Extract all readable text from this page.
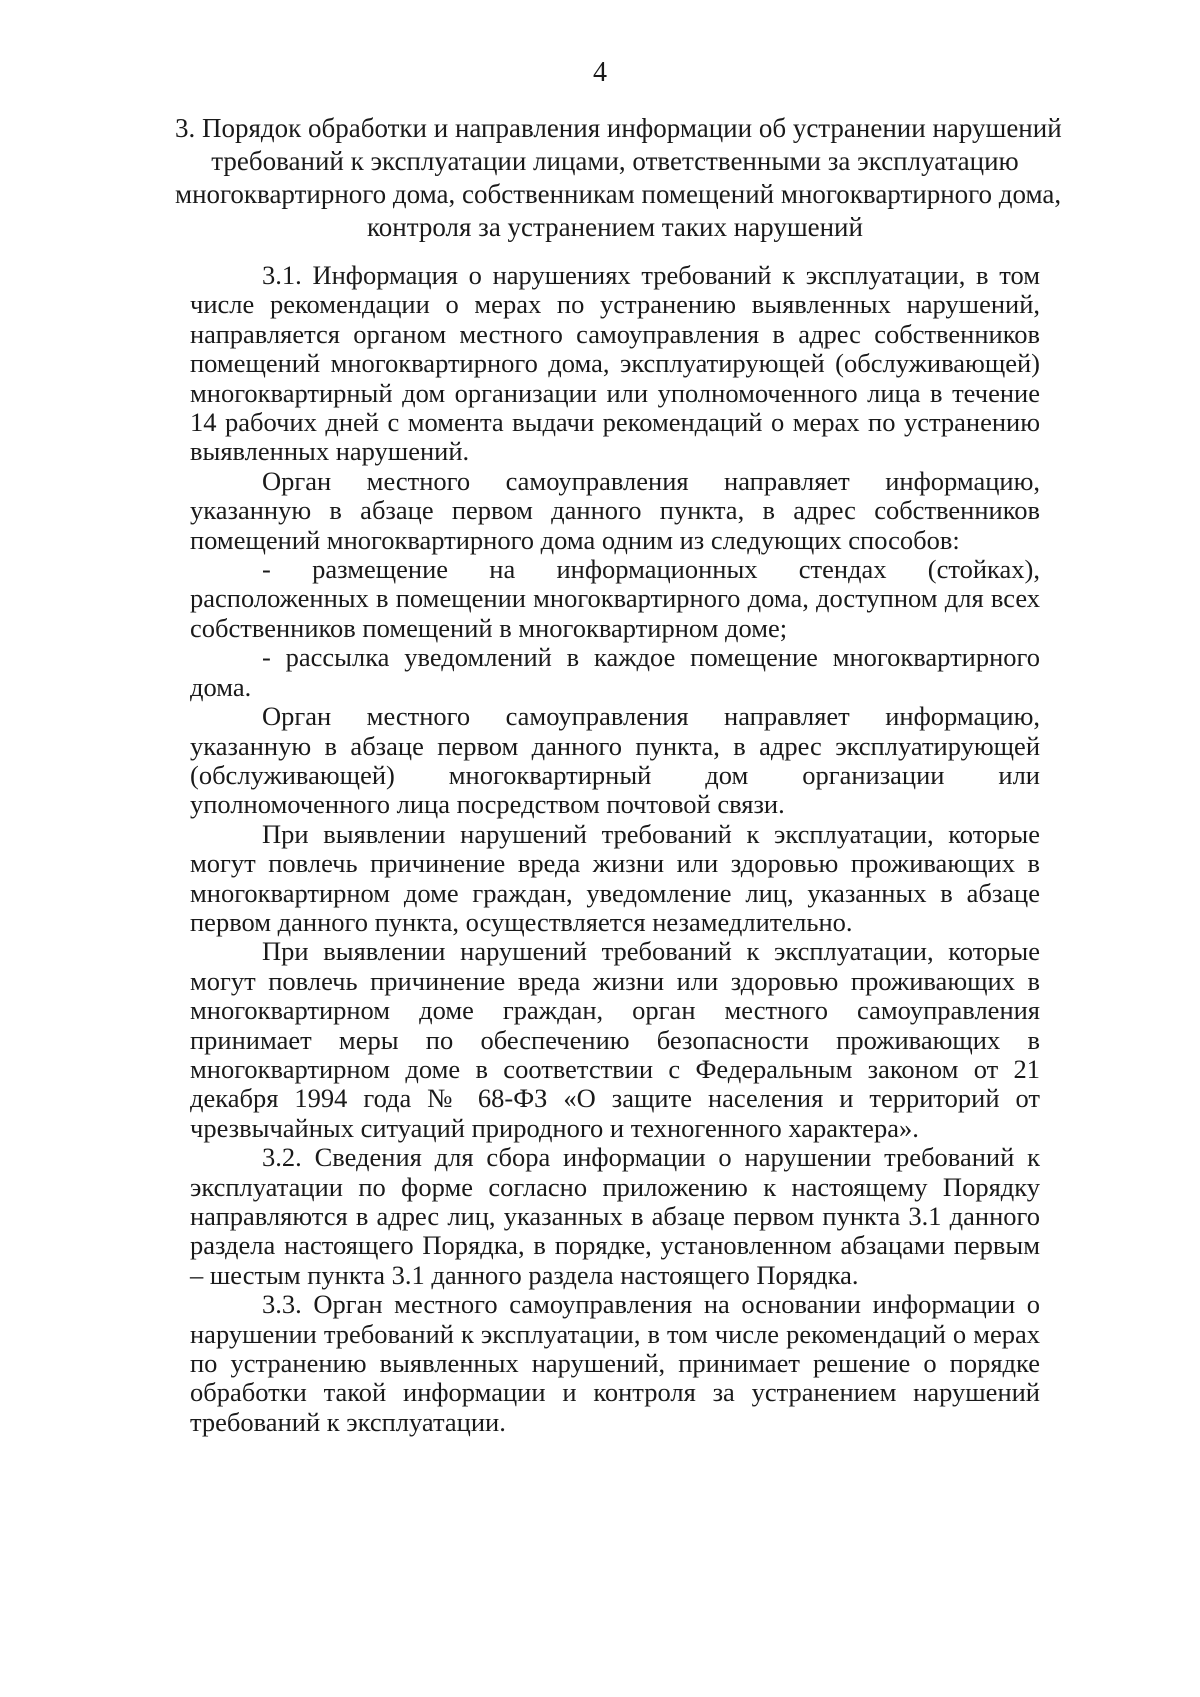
4
3. Порядок обработки и направления информации об устранении нарушений
требований к эксплуатации лицами, ответственными за эксплуатацию
многоквартирного дома, собственникам помещений многоквартирного дома,
контроля за устранением таких нарушений

3.1. Информация о нарушениях требований к эксплуатации, в том числе рекомендации о мерах по устранению выявленных нарушений, направляется органом местного самоуправления в адрес собственников помещений многоквартирного дома, эксплуатирующей (обслуживающей) многоквартирный дом организации или уполномоченного лица в течение 14 рабочих дней с момента выдачи рекомендаций о мерах по устранению выявленных нарушений.

Орган местного самоуправления направляет информацию, указанную в абзаце первом данного пункта, в адрес собственников помещений многоквартирного дома одним из следующих способов:

- размещение на информационных стендах (стойках), расположенных в помещении многоквартирного дома, доступном для всех собственников помещений в многоквартирном доме;

- рассылка уведомлений в каждое помещение многоквартирного дома.

Орган местного самоуправления направляет информацию, указанную в абзаце первом данного пункта, в адрес эксплуатирующей (обслуживающей) многоквартирный дом организации или уполномоченного лица посредством почтовой связи.

При выявлении нарушений требований к эксплуатации, которые могут повлечь причинение вреда жизни или здоровью проживающих в многоквартирном доме граждан, уведомление лиц, указанных в абзаце первом данного пункта, осуществляется незамедлительно.

При выявлении нарушений требований к эксплуатации, которые могут повлечь причинение вреда жизни или здоровью проживающих в многоквартирном доме граждан, орган местного самоуправления принимает меры по обеспечению безопасности проживающих в многоквартирном доме в соответствии с Федеральным законом от 21 декабря 1994 года № 68-ФЗ «О защите населения и территорий от чрезвычайных ситуаций природного и техногенного характера».

3.2. Сведения для сбора информации о нарушении требований к эксплуатации по форме согласно приложению к настоящему Порядку направляются в адрес лиц, указанных в абзаце первом пункта 3.1 данного раздела настоящего Порядка, в порядке, установленном абзацами первым – шестым пункта 3.1 данного раздела настоящего Порядка.

3.3. Орган местного самоуправления на основании информации о нарушении требований к эксплуатации, в том числе рекомендаций о мерах по устранению выявленных нарушений, принимает решение о порядке обработки такой информации и контроля за устранением нарушений требований к эксплуатации.
